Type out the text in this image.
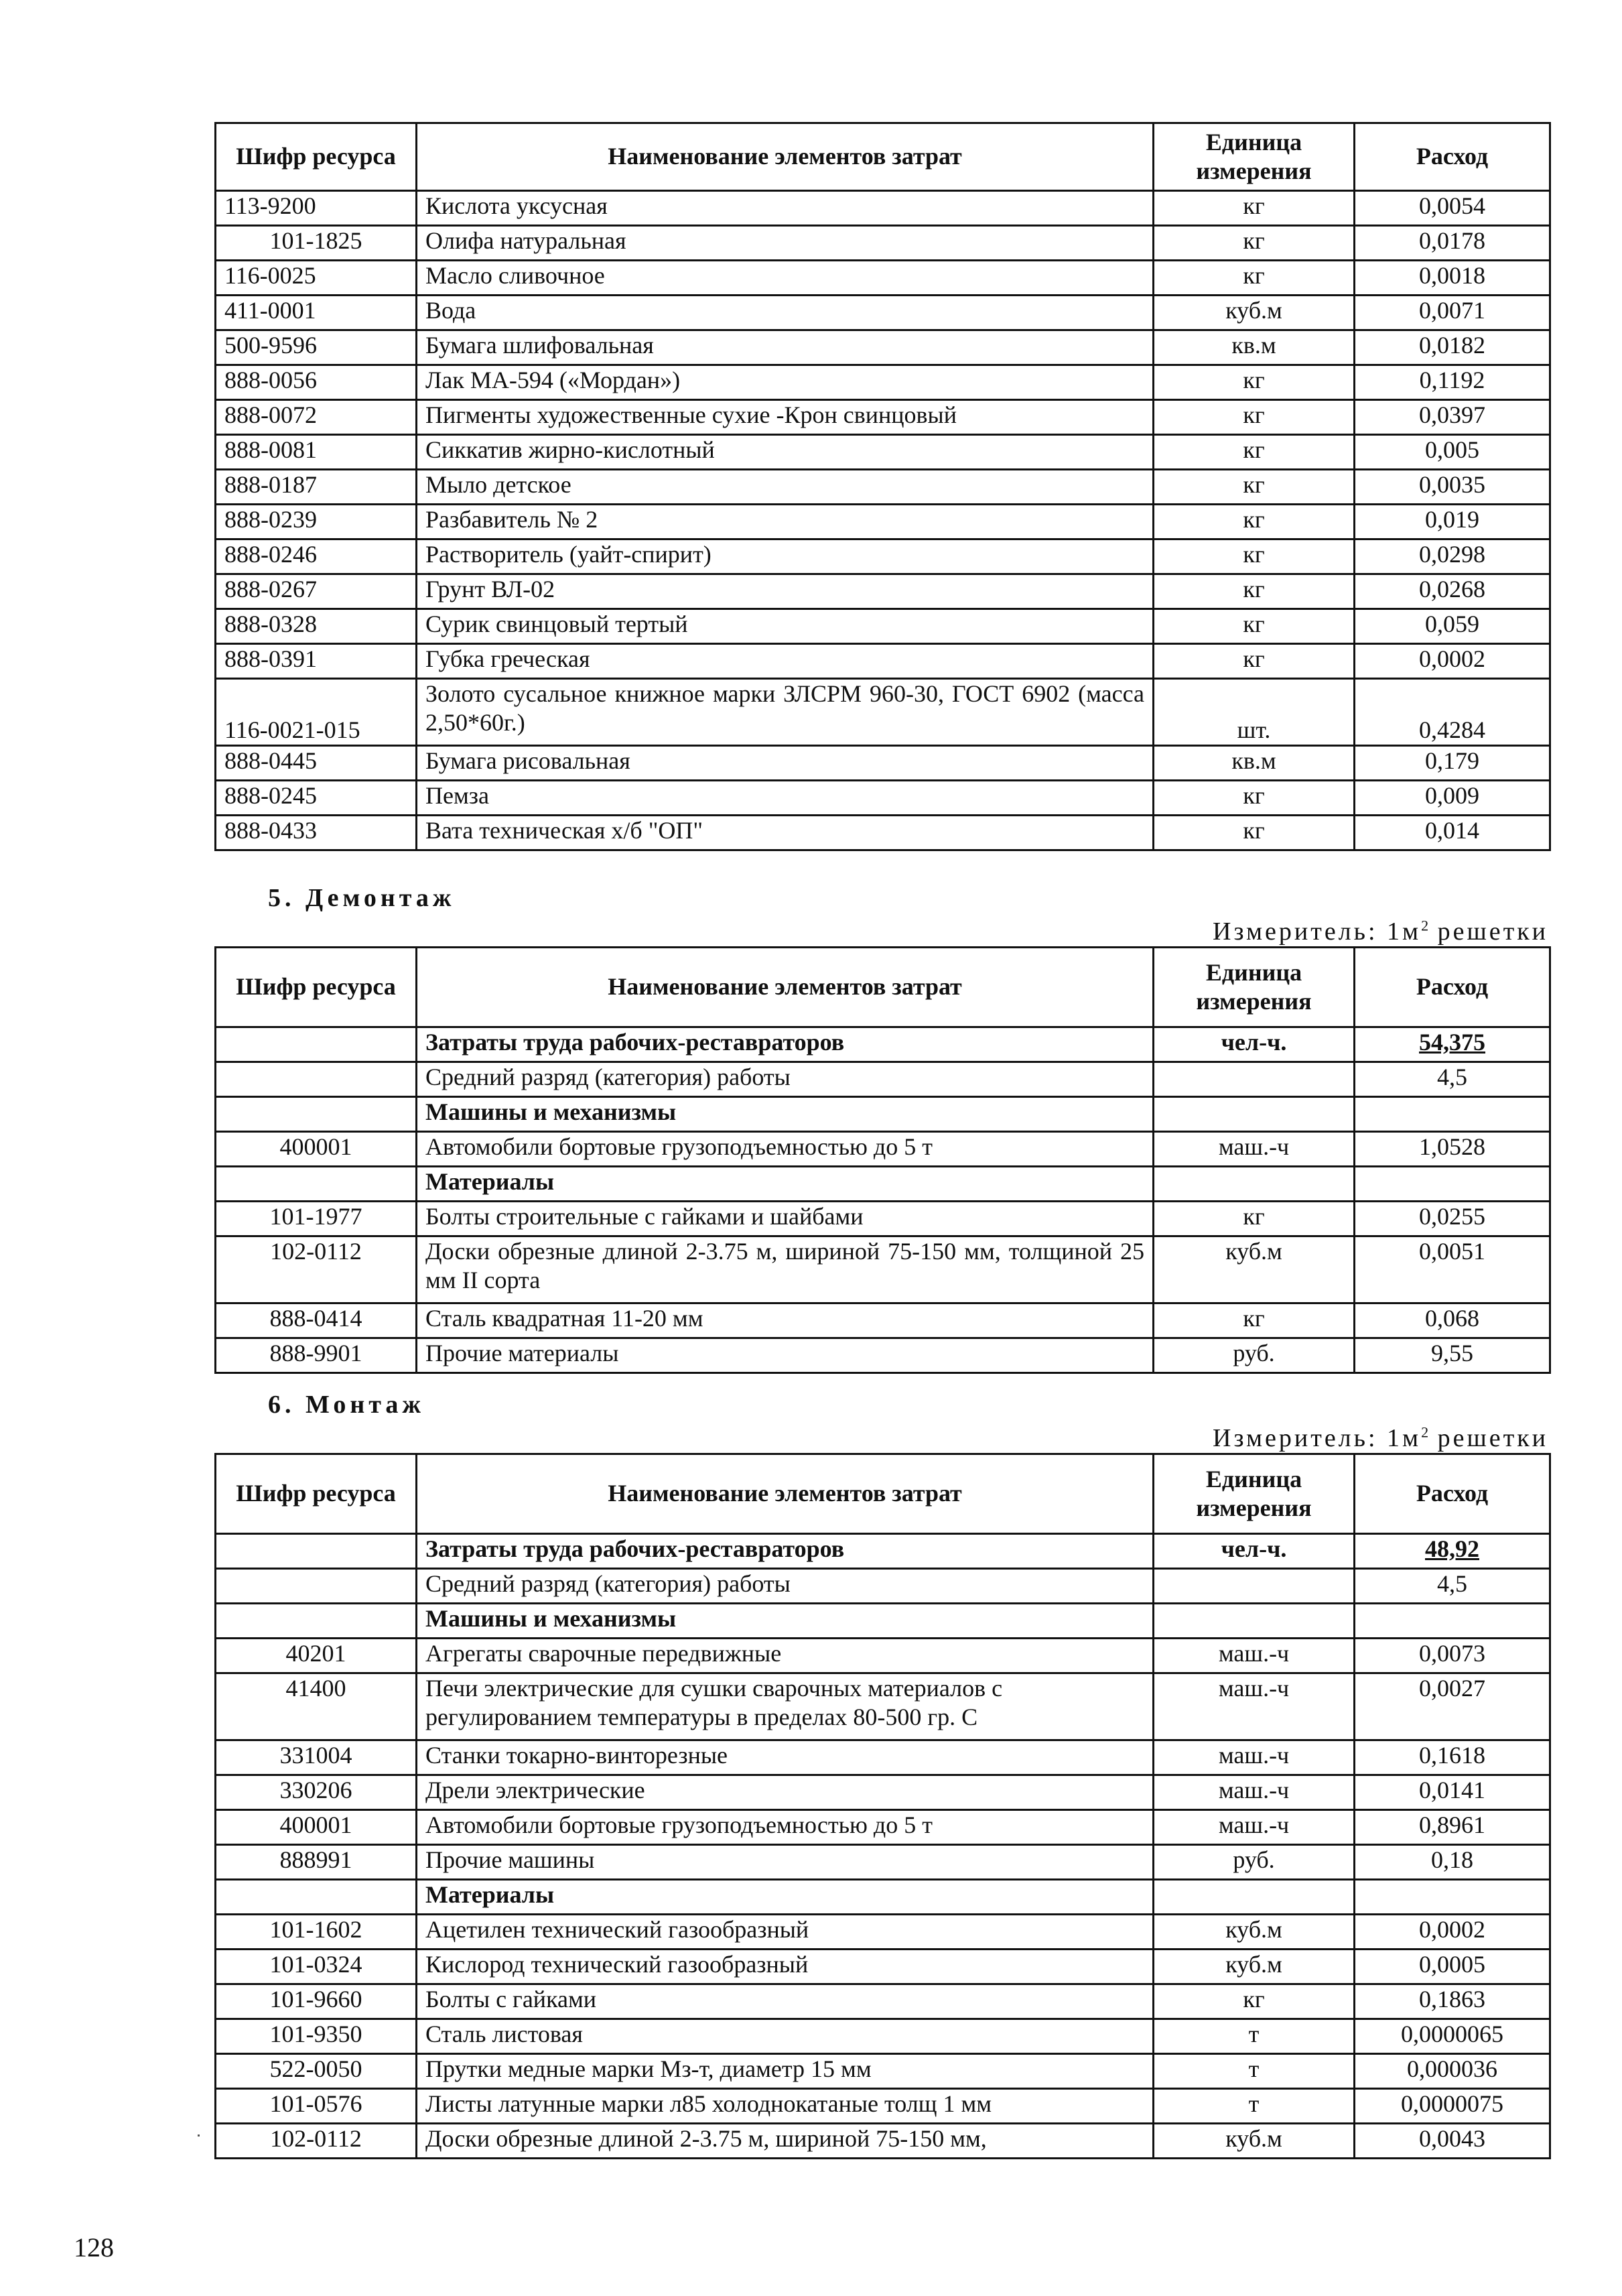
Шифр ресурса	Наименование элементов затрат	Единица измерения	Расход
113-9200	Кислота уксусная	кг	0,0054
101-1825	Олифа натуральная	кг	0,0178
116-0025	Масло сливочное	кг	0,0018
411-0001	Вода	куб.м	0,0071
500-9596	Бумага шлифовальная	кв.м	0,0182
888-0056	Лак МА-594 («Мордан»)	кг	0,1192
888-0072	Пигменты художественные сухие -Крон свинцовый	кг	0,0397
888-0081	Сиккатив жирно-кислотный	кг	0,005
888-0187	Мыло детское	кг	0,0035
888-0239	Разбавитель № 2	кг	0,019
888-0246	Растворитель (уайт-спирит)	кг	0,0298
888-0267	Грунт ВЛ-02	кг	0,0268
888-0328	Сурик свинцовый тертый	кг	0,059
888-0391	Губка греческая	кг	0,0002
116-0021-015	Золото сусальное книжное марки ЗЛСРМ 960-30, ГОСТ 6902 (масса 2,50*60г.)	шт.	0,4284
888-0445	Бумага рисовальная	кв.м	0,179
888-0245	Пемза	кг	0,009
888-0433	Вата техническая х/б "ОП"	кг	0,014
5. Демонтаж
Измеритель: $1м^2$ решетки
Шифр ресурса	Наименование элементов затрат	Единица измерения	Расход
	Затраты труда рабочих-реставраторов	чел-ч.	54,375
	Средний разряд (категория) работы		4,5
	Машины и механизмы		
400001	Автомобили бортовые грузоподъемностью до 5 т	маш.-ч	1,0528
	Материалы		
101-1977	Болты строительные с гайками и шайбами	кг	0,0255
102-0112	Доски обрезные длиной 2-3.75 м, шириной 75-150 мм, толщиной 25 мм II сорта	куб.м	0,0051
888-0414	Сталь квадратная 11-20 мм	кг	0,068
888-9901	Прочие материалы	руб.	9,55
6. Монтаж
Измеритель: $1м^2$ решетки
Шифр ресурса	Наименование элементов затрат	Единица измерения	Расход
	Затраты труда рабочих-реставраторов	чел-ч.	48,92
	Средний разряд (категория) работы		4,5
	Машины и механизмы		
40201	Агрегаты сварочные передвижные	маш.-ч	0,0073
41400	Печи электрические для сушки сварочных материалов с регулированием температуры в пределах 80-500 гр. С	маш.-ч	0,0027
331004	Станки токарно-винторезные	маш.-ч	0,1618
330206	Дрели электрические	маш.-ч	0,0141
400001	Автомобили бортовые грузоподъемностью до 5 т	маш.-ч	0,8961
888991	Прочие машины	руб.	0,18
	Материалы		
101-1602	Ацетилен технический газообразный	куб.м	0,0002
101-0324	Кислород технический газообразный	куб.м	0,0005
101-9660	Болты с гайками	кг	0,1863
101-9350	Сталь листовая	т	0,0000065
522-0050	Прутки медные марки Мз-т, диаметр 15 мм	т	0,000036
101-0576	Листы латунные марки л85 холоднокатаные толщ 1 мм	т	0,0000075
102-0112	Доски обрезные длиной 2-3.75 м, шириной 75-150 мм,	куб.м	0,0043
128
